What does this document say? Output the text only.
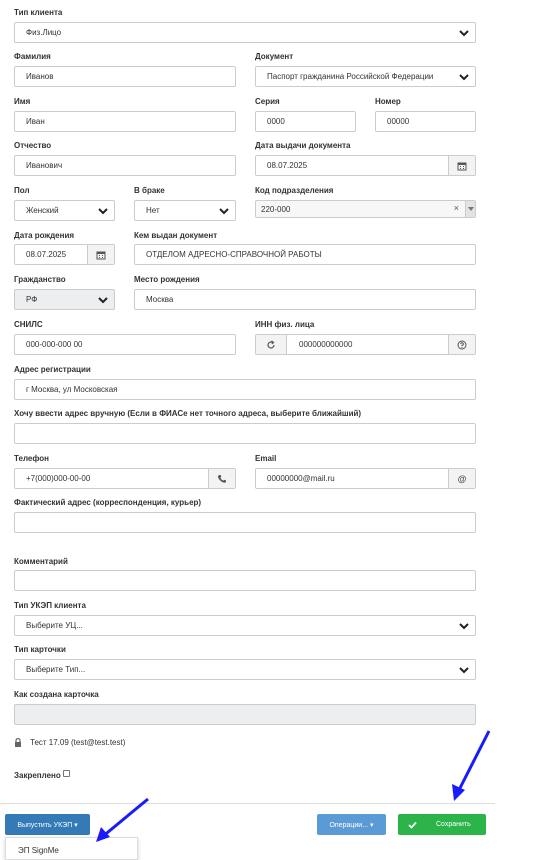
Тип клиента
Физ.Лицо
Фамилия
Иванов
Документ
Паспорт гражданина Российской Федерации
Имя
Иван
Серия
0000
Номер
00000
Отчество
Иванович
Дата выдачи документа
08.07.2025
Пол
Женский
В браке
Нет
Код подразделения
220-000	×
Дата рождения
08.07.2025
Кем выдан документ
ОТДЕЛОМ АДРЕСНО-СПРАВОЧНОЙ РАБОТЫ
Гражданство
РФ
Место рождения
Москва
СНИЛС
000-000-000 00
ИНН физ. лица
000000000000
Адрес регистрации
г Москва, ул Московская
Хочу ввести адрес вручную (Если в ФИАСе нет точного адреса, выберите ближайший)
Телефон
+7(000)000-00-00
Email
00000000@mail.ru	@
Фактический адрес (корреспонденция, курьер)
Комментарий
Тип УКЭП клиента
Выберите УЦ...
Тип карточки
Выберите Тип...
Как создана карточка
Тест 17.09 (test@test.test)
Закреплено
Выпустить УКЭП ▾	Операции... ▾	Сохранить
ЭП SignMe
